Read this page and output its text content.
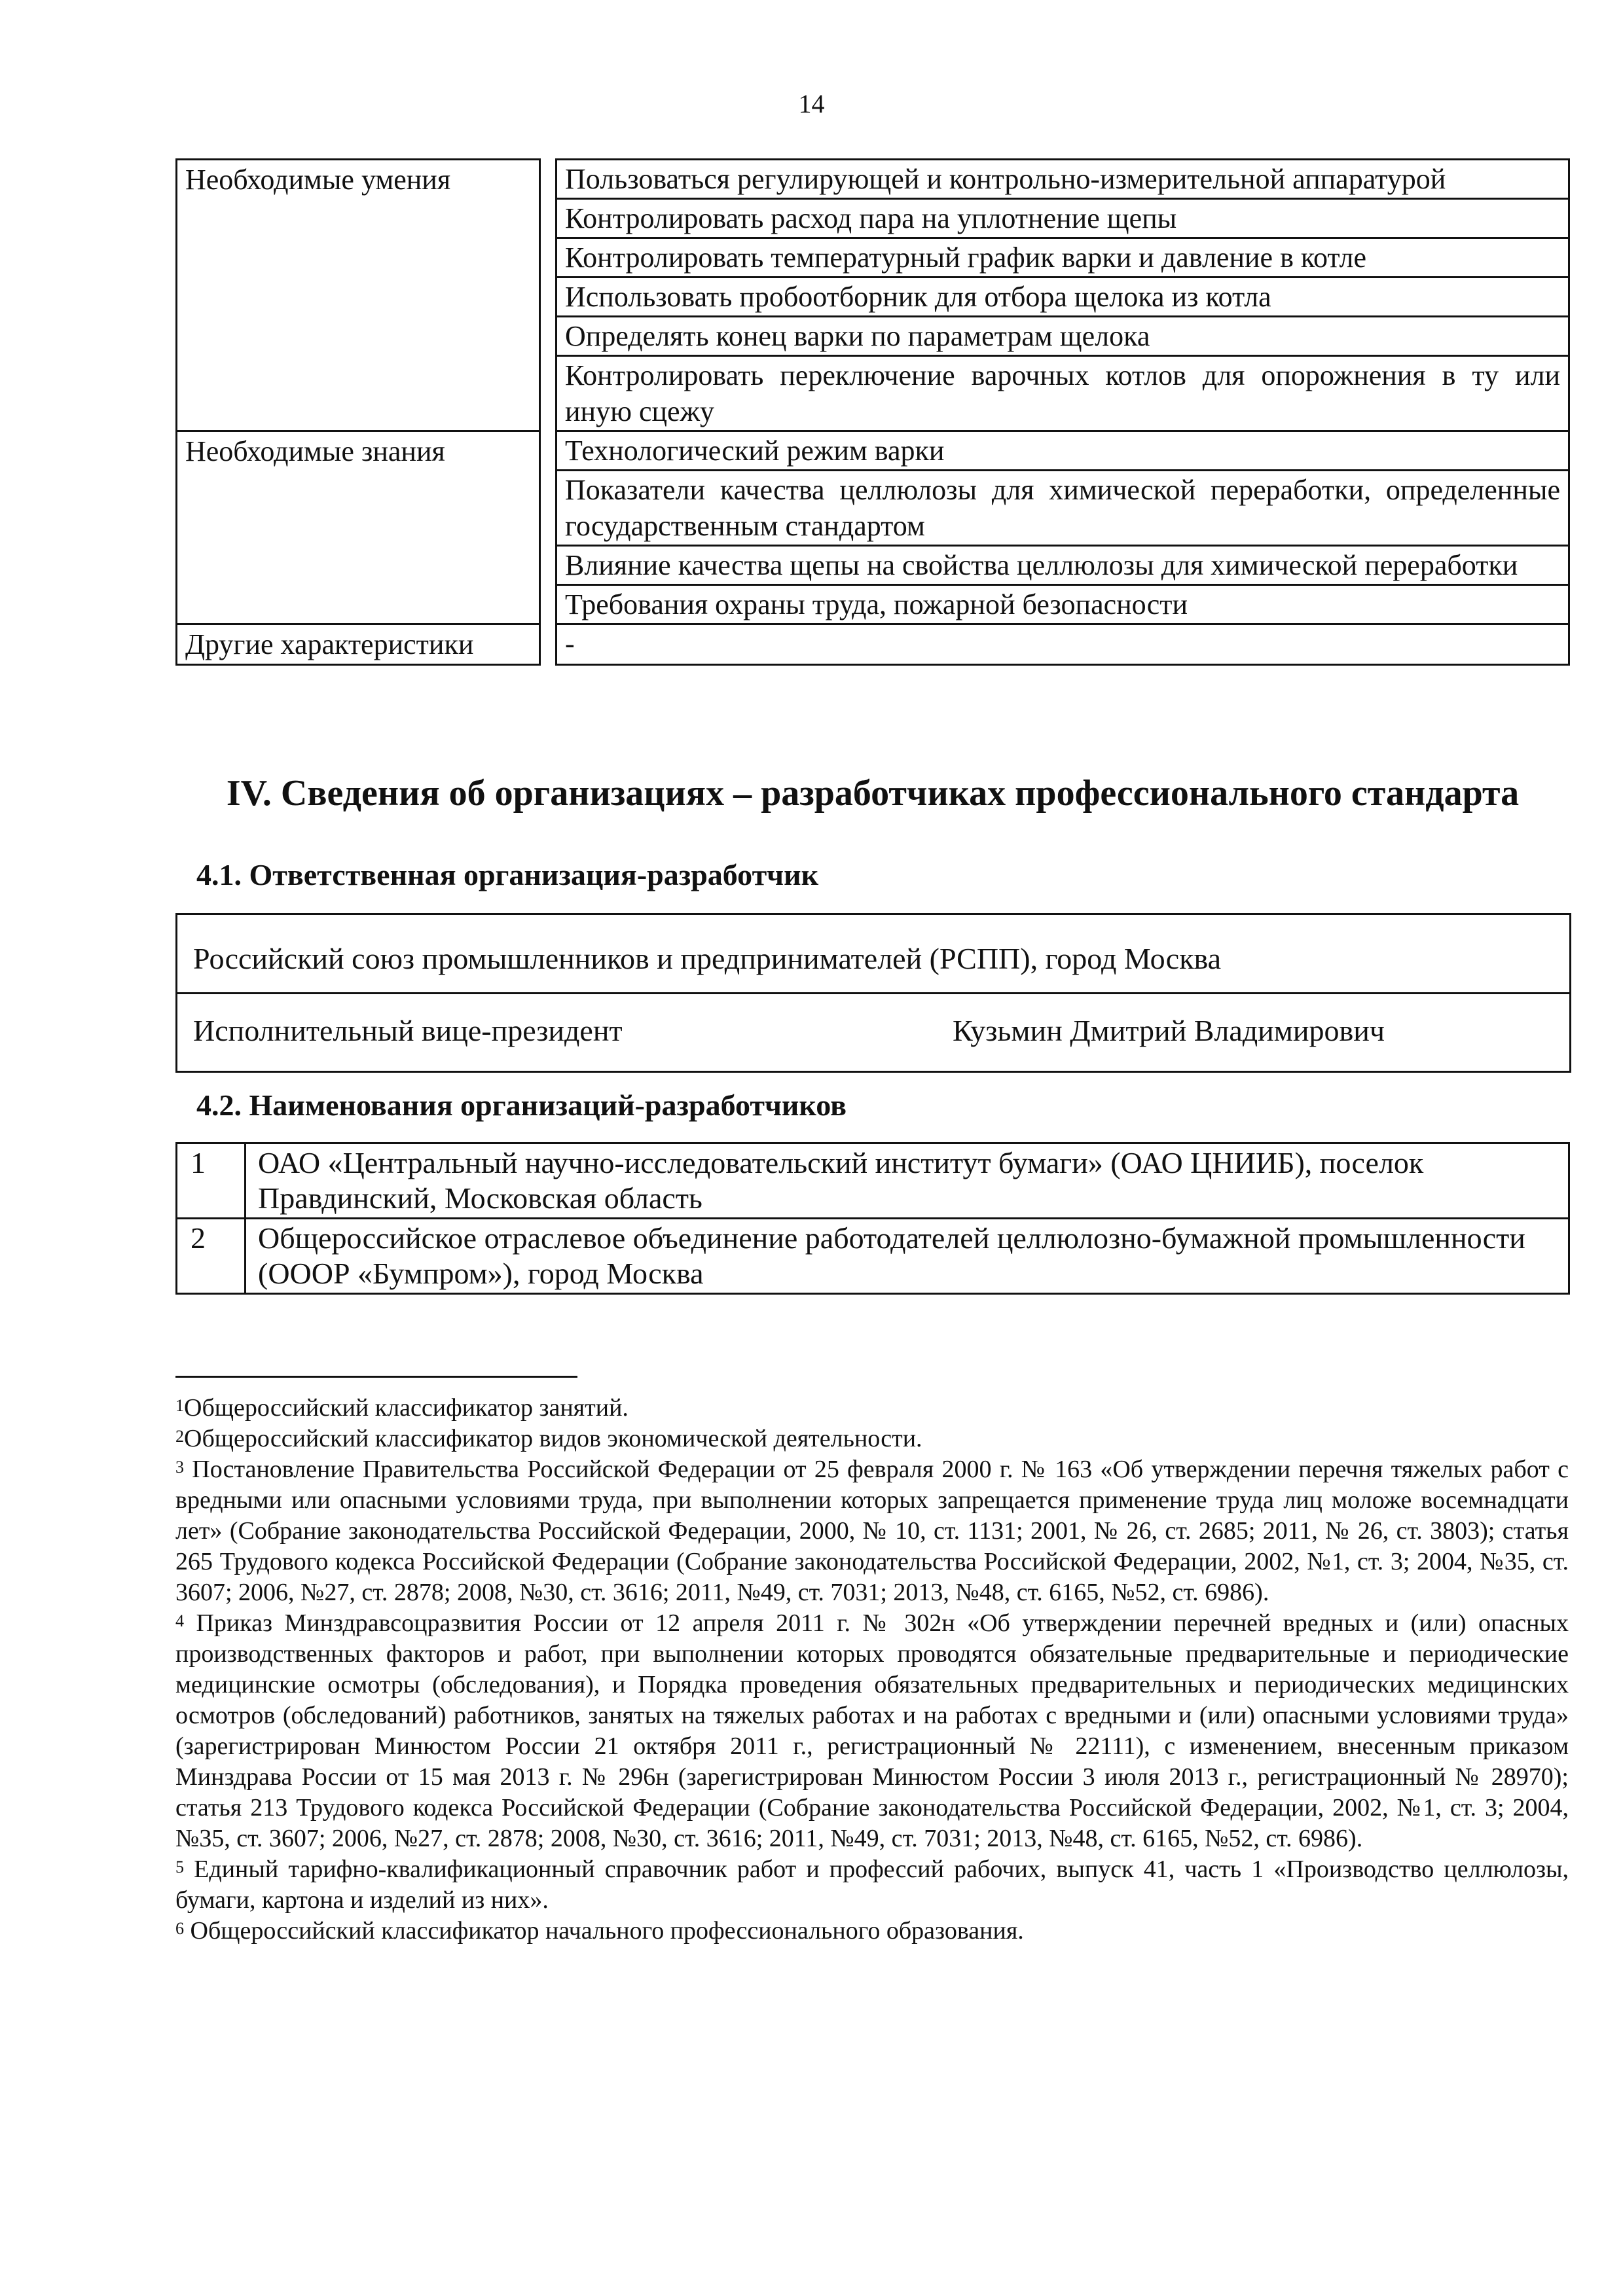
14
Необходимые умения		Пользоваться регулирующей и контрольно-измерительной аппаратурой
		Контролировать расход пара на уплотнение щепы
		Контролировать температурный график варки и давление в котле
		Использовать пробоотборник для отбора щелока из котла
		Определять конец варки по параметрам щелока
		Контролировать переключение варочных котлов для опорожнения в ту или иную сцежу
Необходимые знания		Технологический режим варки
		Показатели качества целлюлозы для химической переработки, определенные государственным стандартом
		Влияние качества щепы на свойства целлюлозы для химической переработки
		Требования охраны труда, пожарной безопасности
Другие характеристики		-
IV. Сведения об организациях – разработчиках профессионального стандарта
4.1. Ответственная организация-разработчик
Российский союз промышленников и предпринимателей (РСПП), город Москва
Исполнительный вице-президент	Кузьмин Дмитрий Владимирович
4.2. Наименования организаций-разработчиков
1	ОАО «Центральный научно-исследовательский институт бумаги» (ОАО ЦНИИБ), поселок Правдинский, Московская область
2	Общероссийское отраслевое объединение работодателей целлюлозно-бумажной промышленности (ОООР «Бумпром»), город Москва

$^1$Общероссийский классификатор занятий.

$^2$Общероссийский классификатор видов экономической деятельности.

$^3$ Постановление Правительства Российской Федерации от 25 февраля 2000 г. № 163 «Об утверждении перечня тяжелых работ с вредными или опасными условиями труда, при выполнении которых запрещается применение труда лиц моложе восемнадцати лет» (Собрание законодательства Российской Федерации, 2000, № 10, ст. 1131; 2001, № 26, ст. 2685; 2011, № 26, ст. 3803); статья 265 Трудового кодекса Российской Федерации (Собрание законодательства Российской Федерации, 2002, №1, ст. 3; 2004, №35, ст. 3607; 2006, №27, ст. 2878; 2008, №30, ст. 3616; 2011, №49, ст. 7031; 2013, №48, ст. 6165, №52, ст. 6986).

$^4$ Приказ Минздравсоцразвития России от 12 апреля 2011 г. № 302н «Об утверждении перечней вредных и (или) опасных производственных факторов и работ, при выполнении которых проводятся обязательные предварительные и периодические медицинские осмотры (обследования), и Порядка проведения обязательных предварительных и периодических медицинских осмотров (обследований) работников, занятых на тяжелых работах и на работах с вредными и (или) опасными условиями труда» (зарегистрирован Минюстом России 21 октября 2011 г., регистрационный № 22111), с изменением, внесенным приказом Минздрава России от 15 мая 2013 г. № 296н (зарегистрирован Минюстом России 3 июля 2013 г., регистрационный № 28970); статья 213 Трудового кодекса Российской Федерации (Собрание законодательства Российской Федерации, 2002, №1, ст. 3; 2004, №35, ст. 3607; 2006, №27, ст. 2878; 2008, №30, ст. 3616; 2011, №49, ст. 7031; 2013, №48, ст. 6165, №52, ст. 6986).

$^5$ Единый тарифно-квалификационный справочник работ и профессий рабочих, выпуск 41, часть 1 «Производство целлюлозы, бумаги, картона и изделий из них».

$^6$ Общероссийский классификатор начального профессионального образования.
